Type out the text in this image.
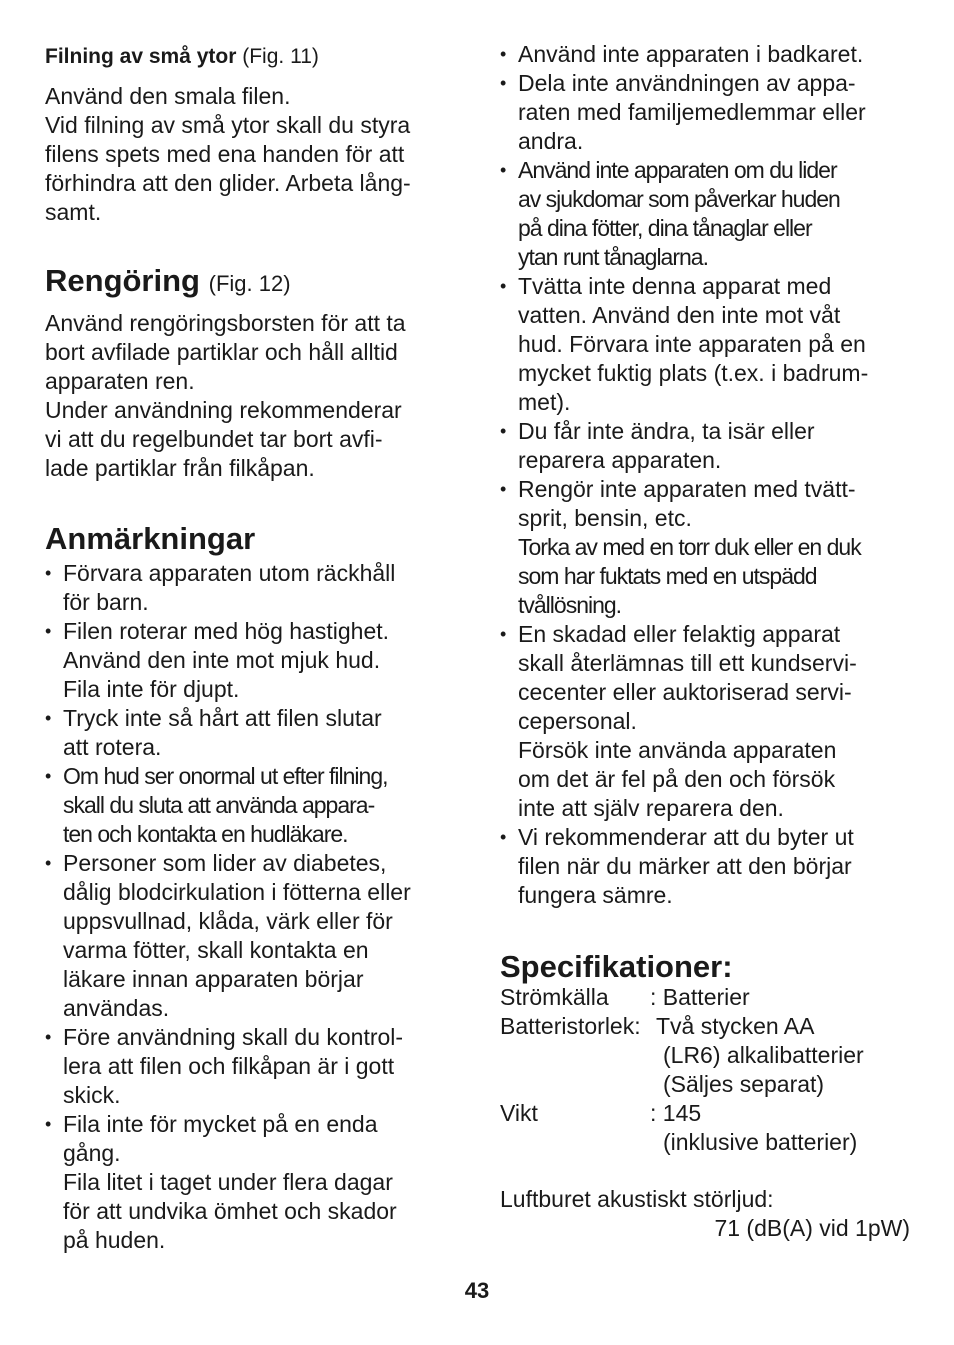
Filning av små ytor (Fig. 11)

Använd den smala filen.
Vid filning av små ytor skall du styra
filens spets med ena handen för att
förhindra att den glider. Arbeta lång-
samt.

Rengöring (Fig. 12)

Använd rengöringsborsten för att ta
bort avfilade partiklar och håll alltid
apparaten ren.
Under användning rekommenderar
vi att du regelbundet tar bort avfi-
lade partiklar från filkåpan.

Anmärkningar

• Förvara apparaten utom räckhåll
för barn.
• Filen roterar med hög hastighet.
Använd den inte mot mjuk hud.
Fila inte för djupt.
• Tryck inte så hårt att filen slutar
att rotera.
• Om hud ser onormal ut efter filning,
skall du sluta att använda appara-
ten och kontakta en hudläkare.
• Personer som lider av diabetes,
dålig blodcirkulation i fötterna eller
uppsvullnad, klåda, värk eller för
varma fötter, skall kontakta en
läkare innan apparaten börjar
användas.
• Före användning skall du kontrol-
lera att filen och filkåpan är i gott
skick.
• Fila inte för mycket på en enda
gång.
Fila litet i taget under flera dagar
för att undvika ömhet och skador
på huden.
• Använd inte apparaten i badkaret.
• Dela inte användningen av appa-
raten med familjemedlemmar eller
andra.
• Använd inte apparaten om du lider
av sjukdomar som påverkar huden
på dina fötter, dina tånaglar eller
ytan runt tånaglarna.
• Tvätta inte denna apparat med
vatten. Använd den inte mot våt
hud. Förvara inte apparaten på en
mycket fuktig plats (t.ex. i badrum-
met).
• Du får inte ändra, ta isär eller
reparera apparaten.
• Rengör inte apparaten med tvätt-
sprit, bensin, etc.
Torka av med en torr duk eller en duk
som har fuktats med en utspädd
tvållösning.
• En skadad eller felaktig apparat
skall återlämnas till ett kundservi-
cecenter eller auktoriserad servi-
cepersonal.
Försök inte använda apparaten
om det är fel på den och försök
inte att själv reparera den.
• Vi rekommenderar att du byter ut
filen när du märker att den börjar
fungera sämre.

Specifikationer:

Strömkälla	: Batterier
Batteristorlek: Två stycken AA
(LR6) alkalibatterier
(Säljes separat)
Vikt	: 145
(inklusive batterier)
Luftburet akustiskt störljud:
71 (dB(A) vid 1pW)
43
